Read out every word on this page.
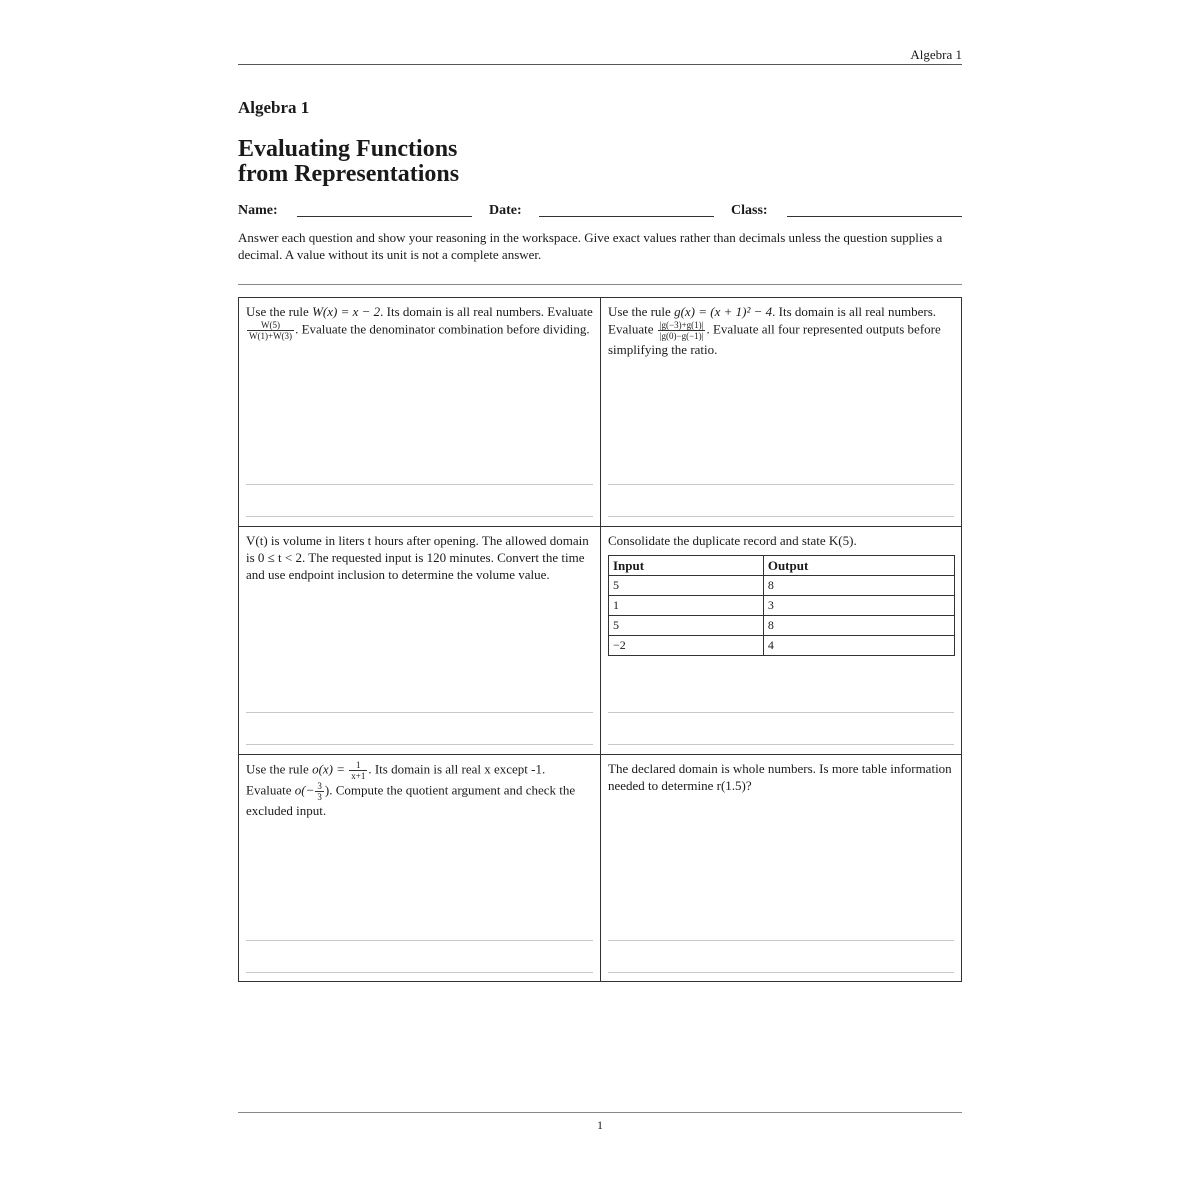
Algebra 1
Algebra 1
Evaluating Functions
from Representations
Name:	Date:	Class:
Answer each question and show your reasoning in the workspace. Give exact values rather than decimals unless the question supplies a decimal. A value without its unit is not a complete answer.
Use the rule W(x) = x − 2. Its domain is all real numbers. Evaluate
$\frac{W(5)}{W(1)+W(3)}$ . Evaluate the denominator combination before dividing.
Use the rule g(x) = (x + 1)² − 4. Its domain is all real numbers. Evaluate $\frac{|g(-3)+g(1)|}{|g(0)-g(-1)|}$ . Evaluate all four represented outputs before simplifying the ratio.
V(t) is volume in liters t hours after opening. The allowed domain is 0 ≤ t < 2. The requested input is 120 minutes. Convert the time and use endpoint inclusion to determine the volume value.
Consolidate the duplicate record and state K(5).
Input	Output
5	8
1	3
5	8
−2	4
Use the rule $o(x) = \frac{1}{x+1}$ . Its domain is all real x except -1. Evaluate $o(- \frac{3}{3}$ ). Compute the quotient argument and check the excluded input.
The declared domain is whole numbers. Is more table information needed to determine r(1.5)?
1
